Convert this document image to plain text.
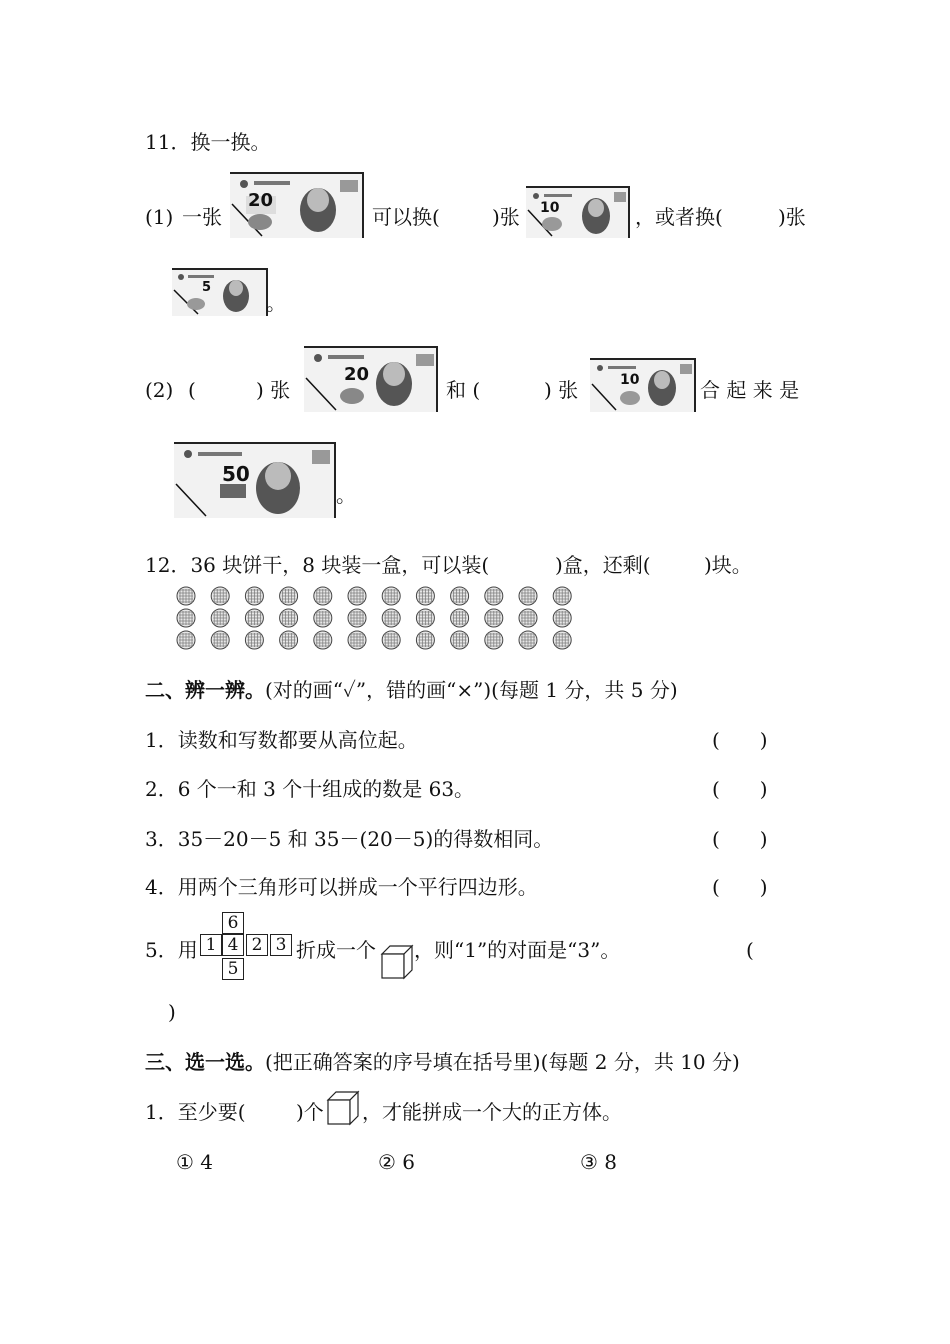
11．换一换。
(1) 一张
20
可以换(	)张 10	，或者换(	)张
5
。
(2) (	) 张
20
和 (	) 张	10	合 起 来 是
50
。
12．36 块饼干，8 块装一盒，可以装(	)盒，还剩(	)块。
二、辨一辨。(对的画“✓”，错的画“×”)(每题 1 分，共 5 分)
1．读数和写数都要从高位起。	(　　)
2．6 个一和 3 个十组成的数是 63。	(　　)
3．35－20－5 和 35－(20－5)的得数相同。	(　　)
4．用两个三角形可以拼成一个平行四边形。	(　　)
5．用
6
1 4 2 3
5
折成一个 ，则“1”的对面是“3”。	(
)
三、选一选。(把正确答案的序号填在括号里)(每题 2 分，共 10 分)
1．至少要(	)个 ，才能拼成一个大的正方体。
① 4	② 6	③ 8
